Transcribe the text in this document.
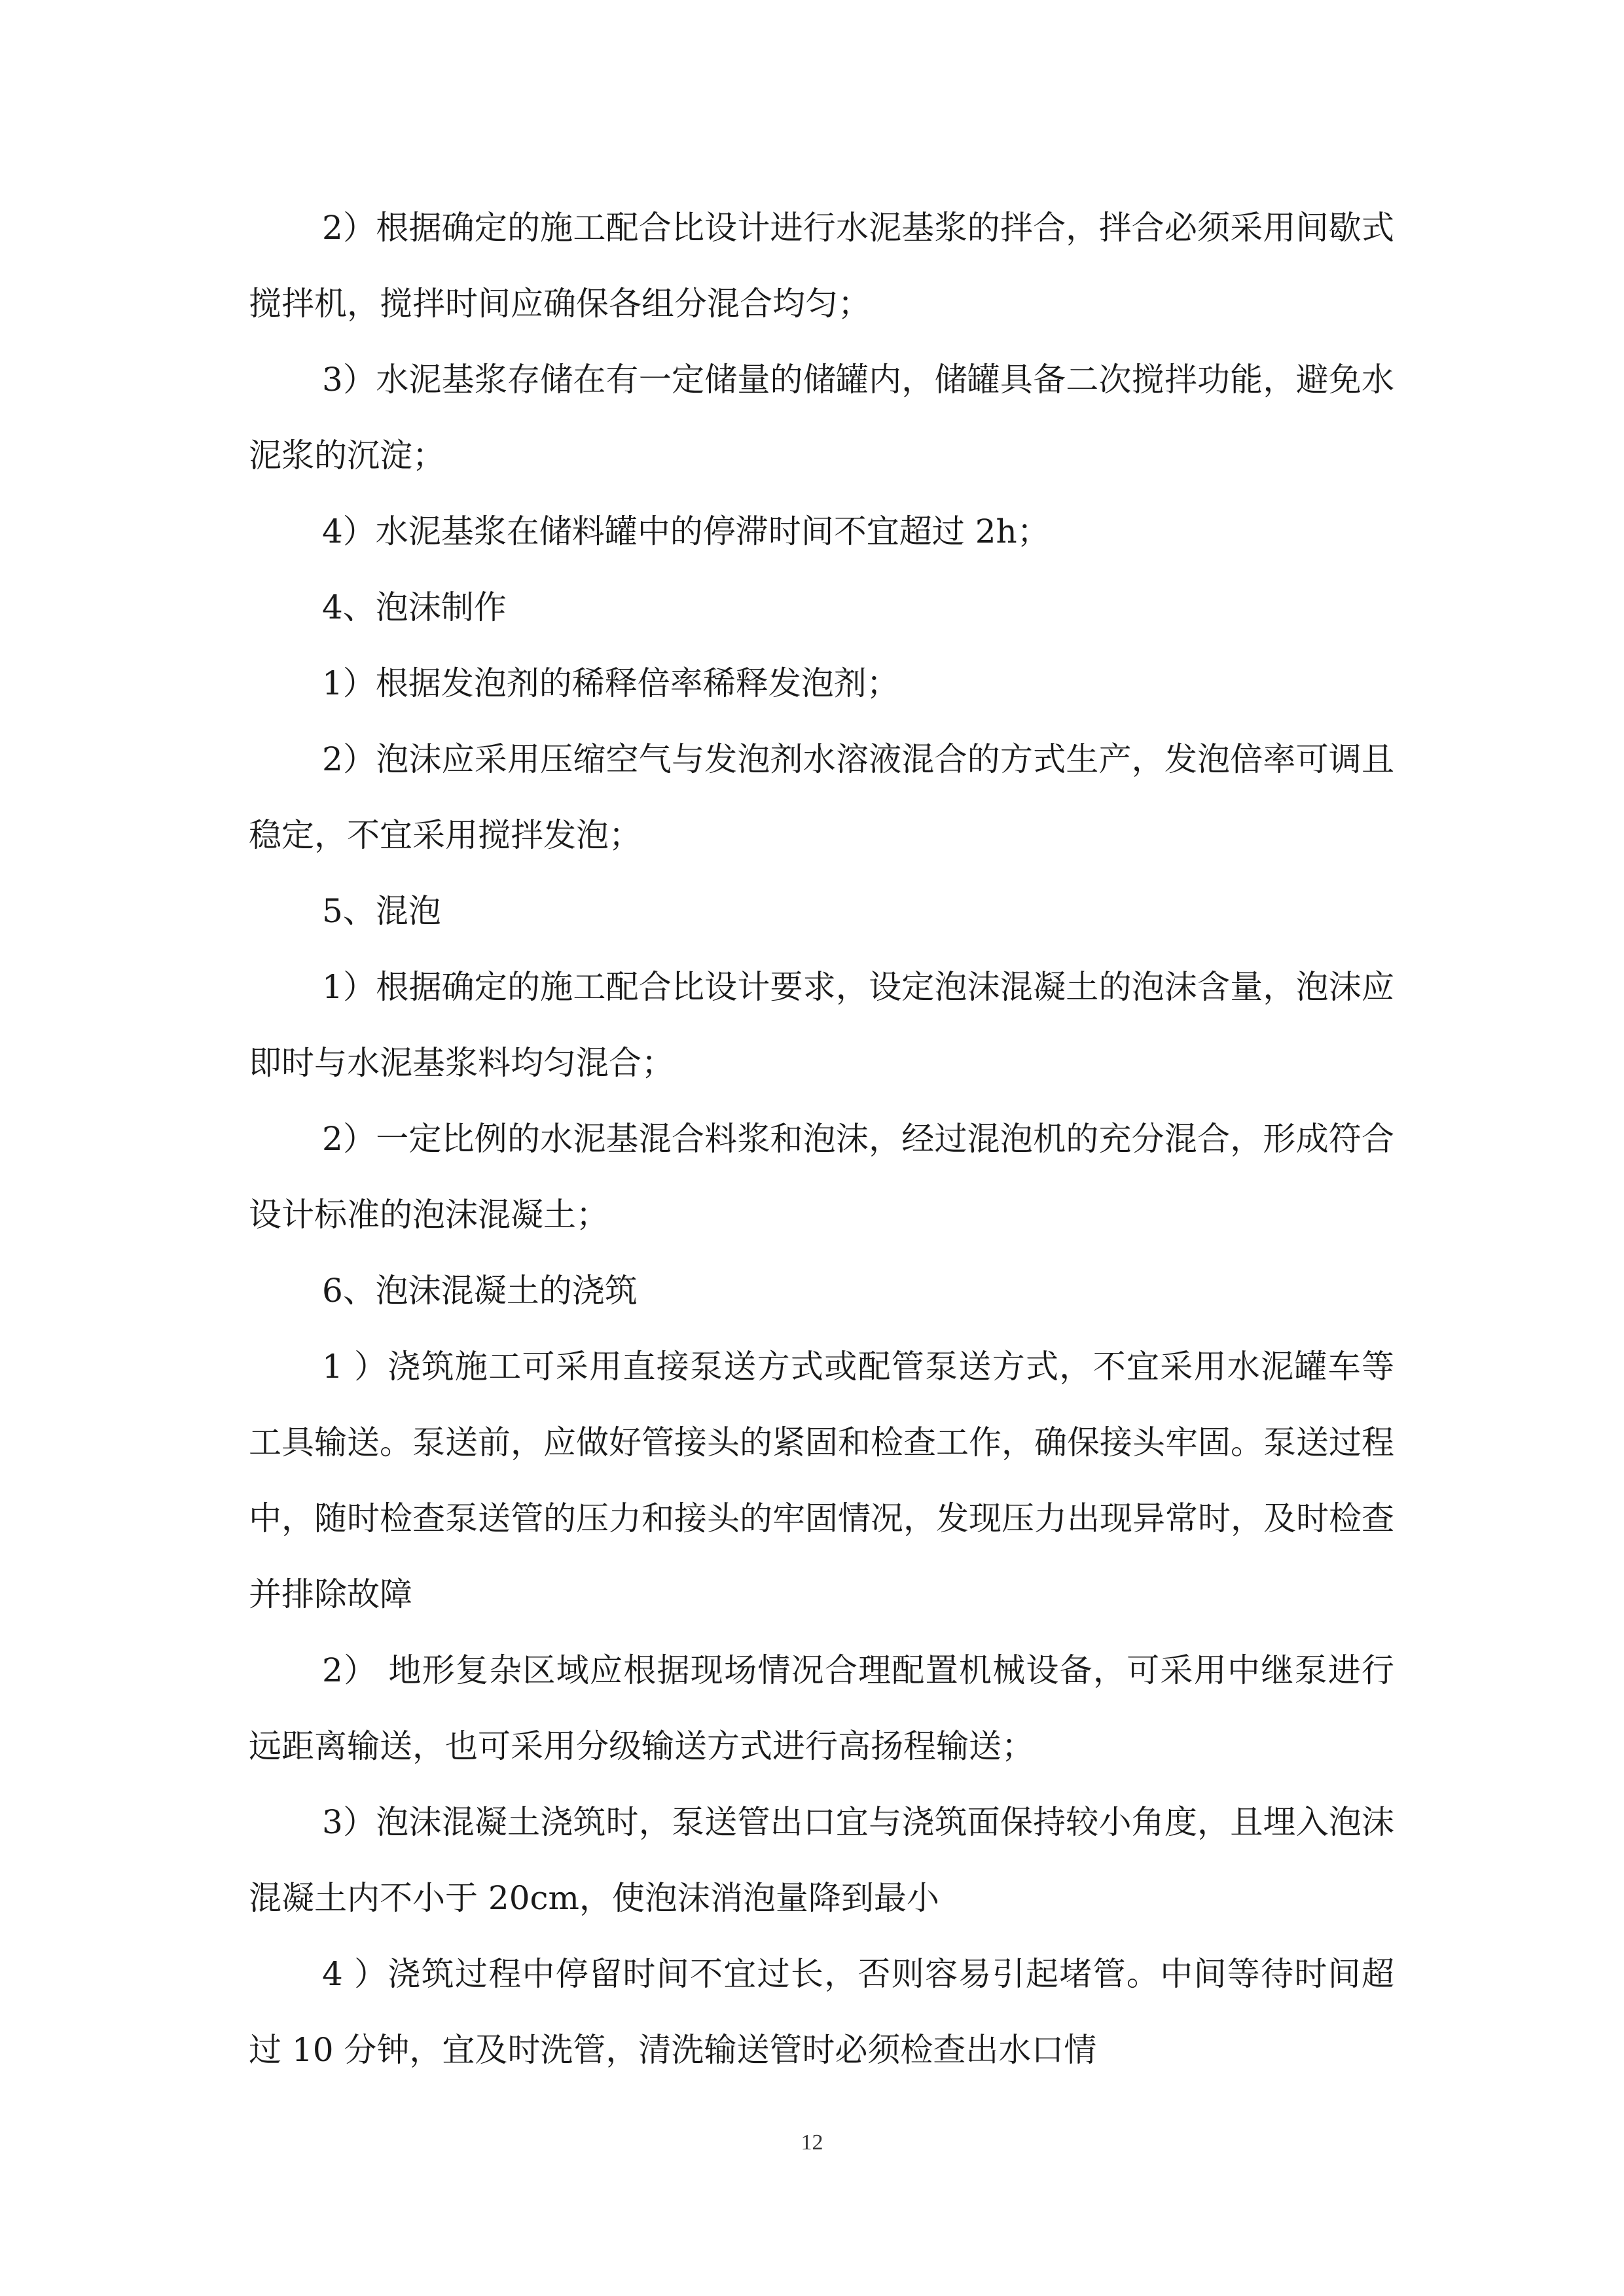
2）根据确定的施工配合比设计进行水泥基浆的拌合，拌合必须采用间歇式搅拌机，搅拌时间应确保各组分混合均匀；

3）水泥基浆存储在有一定储量的储罐内，储罐具备二次搅拌功能，避免水泥浆的沉淀；

4）水泥基浆在储料罐中的停滞时间不宜超过 2h；

4、泡沫制作

1）根据发泡剂的稀释倍率稀释发泡剂；

2）泡沫应采用压缩空气与发泡剂水溶液混合的方式生产，发泡倍率可调且稳定，不宜采用搅拌发泡；

5、混泡

1）根据确定的施工配合比设计要求，设定泡沫混凝土的泡沫含量，泡沫应即时与水泥基浆料均匀混合；

2）一定比例的水泥基混合料浆和泡沫，经过混泡机的充分混合，形成符合设计标准的泡沫混凝土；

6、泡沫混凝土的浇筑

1 ）浇筑施工可采用直接泵送方式或配管泵送方式，不宜采用水泥罐车等工具输送。泵送前，应做好管接头的紧固和检查工作，确保接头牢固。泵送过程中，随时检查泵送管的压力和接头的牢固情况，发现压力出现异常时，及时检查并排除故障

2） 地形复杂区域应根据现场情况合理配置机械设备，可采用中继泵进行远距离输送，也可采用分级输送方式进行高扬程输送；

3）泡沫混凝土浇筑时，泵送管出口宜与浇筑面保持较小角度，且埋入泡沫混凝土内不小于 20cm，使泡沫消泡量降到最小

4 ）浇筑过程中停留时间不宜过长，否则容易引起堵管。中间等待时间超过 10 分钟，宜及时洗管，清洗输送管时必须检查出水口情

12
